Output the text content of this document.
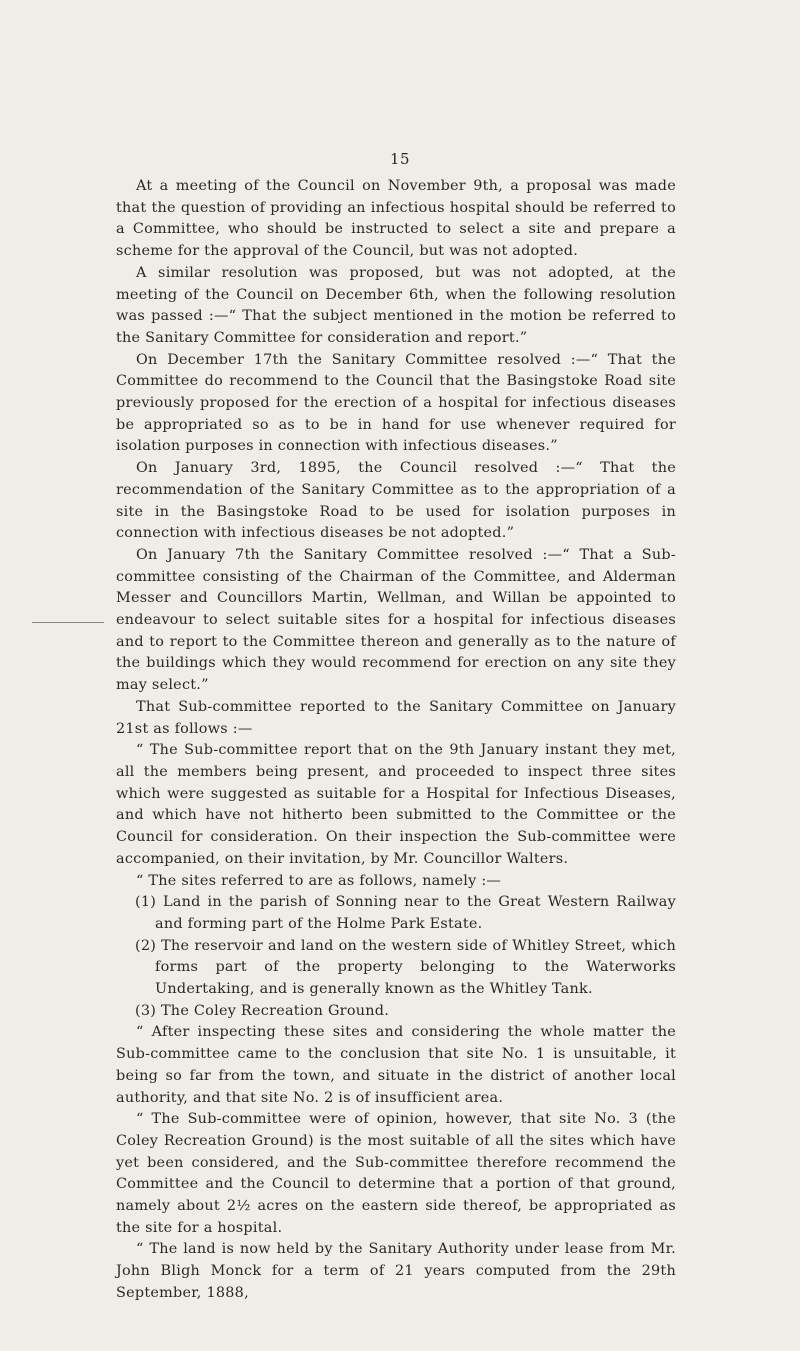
15

At a meeting of the Council on November 9th, a proposal was made that the question of providing an infectious hospital should be referred to a Committee, who should be instructed to select a site and prepare a scheme for the approval of the Council, but was not adopted.

A similar resolution was proposed, but was not adopted, at the meeting of the Council on December 6th, when the following resolution was passed :—“ That the subject mentioned in the motion be referred to the Sanitary Committee for consideration and report.”

On December 17th the Sanitary Committee resolved :—“ That the Committee do recommend to the Council that the Basingstoke Road site previously proposed for the erection of a hospital for infectious diseases be appropriated so as to be in hand for use whenever required for isolation purposes in connection with infectious diseases.”

On January 3rd, 1895, the Council resolved :—“ That the recommendation of the Sanitary Committee as to the appropriation of a site in the Basingstoke Road to be used for isolation purposes in connection with infectious diseases be not adopted.”

On January 7th the Sanitary Committee resolved :—“ That a Sub-committee consisting of the Chairman of the Committee, and Alderman Messer and Councillors Martin, Wellman, and Willan be appointed to endeavour to select suitable sites for a hospital for infectious diseases and to report to the Committee thereon and generally as to the nature of the buildings which they would recommend for erection on any site they may select.”

That Sub-committee reported to the Sanitary Committee on January 21st as follows :—

“ The Sub-committee report that on the 9th January instant they met, all the members being present, and proceeded to inspect three sites which were suggested as suitable for a Hospital for Infectious Diseases, and which have not hitherto been submitted to the Committee or the Council for consideration. On their inspection the Sub-committee were accompanied, on their invitation, by Mr. Councillor Walters.

“ The sites referred to are as follows, namely :—

(1) Land in the parish of Sonning near to the Great Western Railway and forming part of the Holme Park Estate.

(2) The reservoir and land on the western side of Whitley Street, which forms part of the property belonging to the Waterworks Undertaking, and is generally known as the Whitley Tank.

(3) The Coley Recreation Ground.

“ After inspecting these sites and considering the whole matter the Sub-committee came to the conclusion that site No. 1 is unsuitable, it being so far from the town, and situate in the district of another local authority, and that site No. 2 is of insufficient area.

“ The Sub-committee were of opinion, however, that site No. 3 (the Coley Recreation Ground) is the most suitable of all the sites which have yet been considered, and the Sub-committee therefore recommend the Committee and the Council to determine that a portion of that ground, namely about 2½ acres on the eastern side thereof, be appropriated as the site for a hospital.

“ The land is now held by the Sanitary Authority under lease from Mr. John Bligh Monck for a term of 21 years computed from the 29th September, 1888,
